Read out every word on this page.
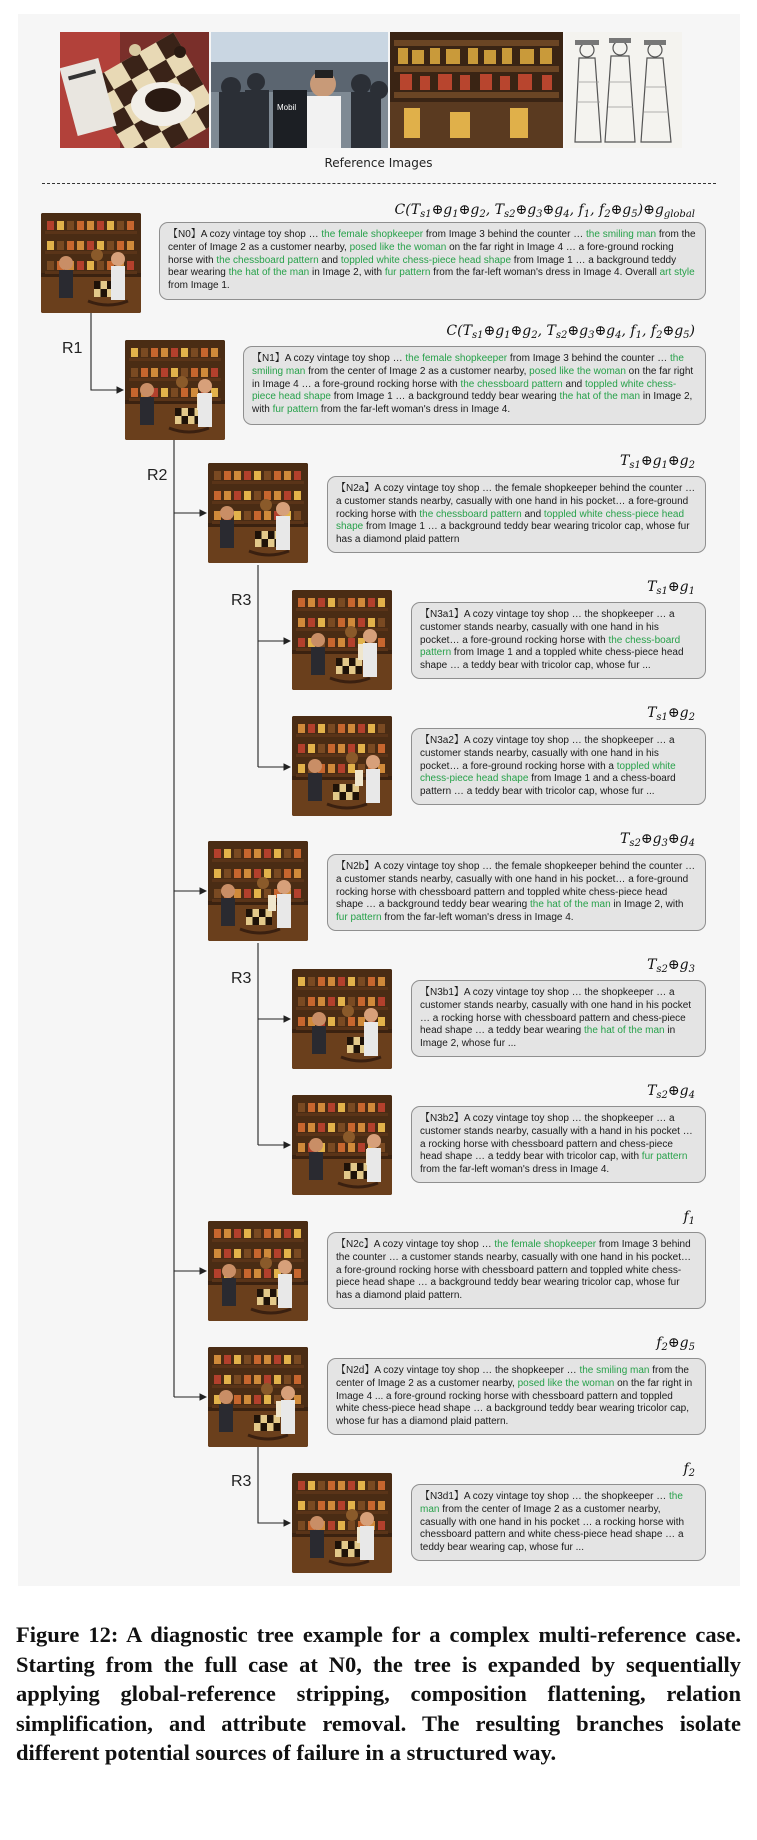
Mobil
Reference Images
R1
R2
R3
R3
R3
$C(T_{s1}\oplus g_1\oplus g_2$, $T_{s2}\oplus g_3\oplus g_4$, $f_1$, $f_2\oplus g_5)\oplus g_{global}$
$C(T_{s1}\oplus g_1\oplus g_2$, $T_{s2}\oplus g_3\oplus g_4$, $f_1$, $f_2\oplus g_5$)
$T_{s1}\oplus g_1\oplus g_2$
$T_{s1}\oplus g_1$
$T_{s1}\oplus g_2$
$T_{s2}\oplus g_3\oplus g_4$
$T_{s2}\oplus g_3$
$T_{s2}\oplus g_4$
$f_1$
$f_2\oplus g_5$
$f_2$
【N0】A cozy vintage toy shop … the female shopkeeper from Image 3 behind the counter … the smiling man from the center of Image 2 as a customer nearby, posed like the woman on the far right in Image 4 … a fore-ground rocking horse with the chessboard pattern and toppled white chess-piece head shape from Image 1 … a background teddy bear wearing the hat of the man in Image 2, with fur pattern from the far-left woman's dress in Image 4. Overall art style from Image 1.
【N1】A cozy vintage toy shop … the female shopkeeper from Image 3 behind the counter … the smiling man from the center of Image 2 as a customer nearby, posed like the woman on the far right in Image 4 … a fore-ground rocking horse with the chessboard pattern and toppled white chess-piece head shape from Image 1 … a background teddy bear wearing the hat of the man in Image 2, with fur pattern from the far-left woman's dress in Image 4.
【N2a】A cozy vintage toy shop … the female shopkeeper behind the counter … a customer stands nearby, casually with one hand in his pocket… a fore-ground rocking horse with the chessboard pattern and toppled white chess-piece head shape from Image 1 … a background teddy bear wearing tricolor cap, whose fur has a diamond plaid pattern
【N3a1】A cozy vintage toy shop … the shopkeeper … a customer stands nearby, casually with one hand in his pocket… a fore-ground rocking horse with the chess-board pattern from Image 1 and a toppled white chess-piece head shape … a teddy bear with tricolor cap, whose fur ...
【N3a2】A cozy vintage toy shop … the shopkeeper … a customer stands nearby, casually with one hand in his pocket… a fore-ground rocking horse with a toppled white chess-piece head shape from Image 1 and a chess-board pattern … a teddy bear with tricolor cap, whose fur ...
【N2b】A cozy vintage toy shop … the female shopkeeper behind the counter … a customer stands nearby, casually with one hand in his pocket… a fore-ground rocking horse with chessboard pattern and toppled white chess-piece head shape … a background teddy bear wearing the hat of the man in Image 2, with fur pattern from the far-left woman's dress in Image 4.
【N3b1】A cozy vintage toy shop … the shopkeeper … a customer stands nearby, casually with one hand in his pocket … a rocking horse with chessboard pattern and chess-piece head shape … a teddy bear wearing the hat of the man in Image 2, whose fur ...
【N3b2】A cozy vintage toy shop … the shopkeeper … a customer stands nearby, casually with a hand in his pocket … a rocking horse with chessboard pattern and chess-piece head shape … a teddy bear with tricolor cap, with fur pattern from the far-left woman's dress in Image 4.
【N2c】A cozy vintage toy shop … the female shopkeeper from Image 3 behind the counter … a customer stands nearby, casually with one hand in his pocket… a fore-ground rocking horse with chessboard pattern and toppled white chess-piece head shape … a background teddy bear wearing tricolor cap, whose fur has a diamond plaid pattern.
【N2d】A cozy vintage toy shop … the shopkeeper … the smiling man from the center of Image 2 as a customer nearby, posed like the woman on the far right in Image 4 ... a fore-ground rocking horse with chessboard pattern and toppled white chess-piece head shape … a background teddy bear wearing tricolor cap, whose fur has a diamond plaid pattern.
【N3d1】A cozy vintage toy shop … the shopkeeper … the man from the center of Image 2 as a customer nearby, casually with one hand in his pocket … a rocking horse with chessboard pattern and white chess-piece head shape … a teddy bear wearing cap, whose fur ...
Figure 12: A diagnostic tree example for a complex multi-reference case. Starting from the full case at N0, the tree is expanded by sequentially applying global-reference stripping, composition flattening, relation simplification, and attribute removal. The resulting branches isolate different potential sources of failure in a structured way.
